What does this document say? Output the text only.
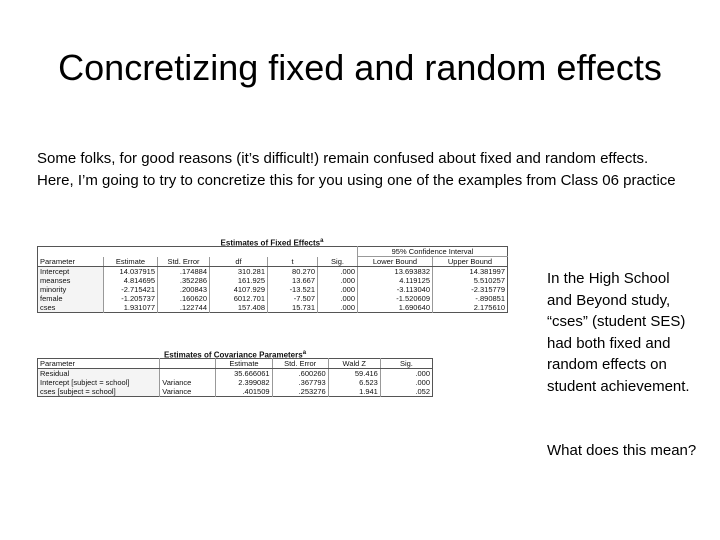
Concretizing fixed and random effects
Some folks, for good reasons (it’s difficult!) remain confused about fixed and random effects. Here, I’m going to try to concretize this for you using one of the examples from Class 06 practice
Estimates of Fixed Effects$^a$
						95% Confidence Interval	
Parameter	Estimate	Std. Error	df	t	Sig.	Lower Bound	Upper Bound
Intercept	14.037915	.174884	310.281	80.270	.000	13.693832	14.381997
meanses	4.814695	.352286	161.925	13.667	.000	4.119125	5.510257
minority	-2.715421	.200843	4107.929	-13.521	.000	-3.113040	-2.315779
female	-1.205737	.160620	6012.701	-7.507	.000	-1.520609	-.890851
cses	1.931077	.122744	157.408	15.731	.000	1.690640	2.175610
Estimates of Covariance Parameters$^a$
Parameter		Estimate	Std. Error	Wald Z	Sig.
Residual		35.666061	.600260	59.416	.000
Intercept [subject = school]	Variance	2.399082	.367793	6.523	.000
cses [subject = school]	Variance	.401509	.253276	1.941	.052
In the High School and Beyond study, “cses” (student SES) had both fixed and random effects on student achievement.
What does this mean?
